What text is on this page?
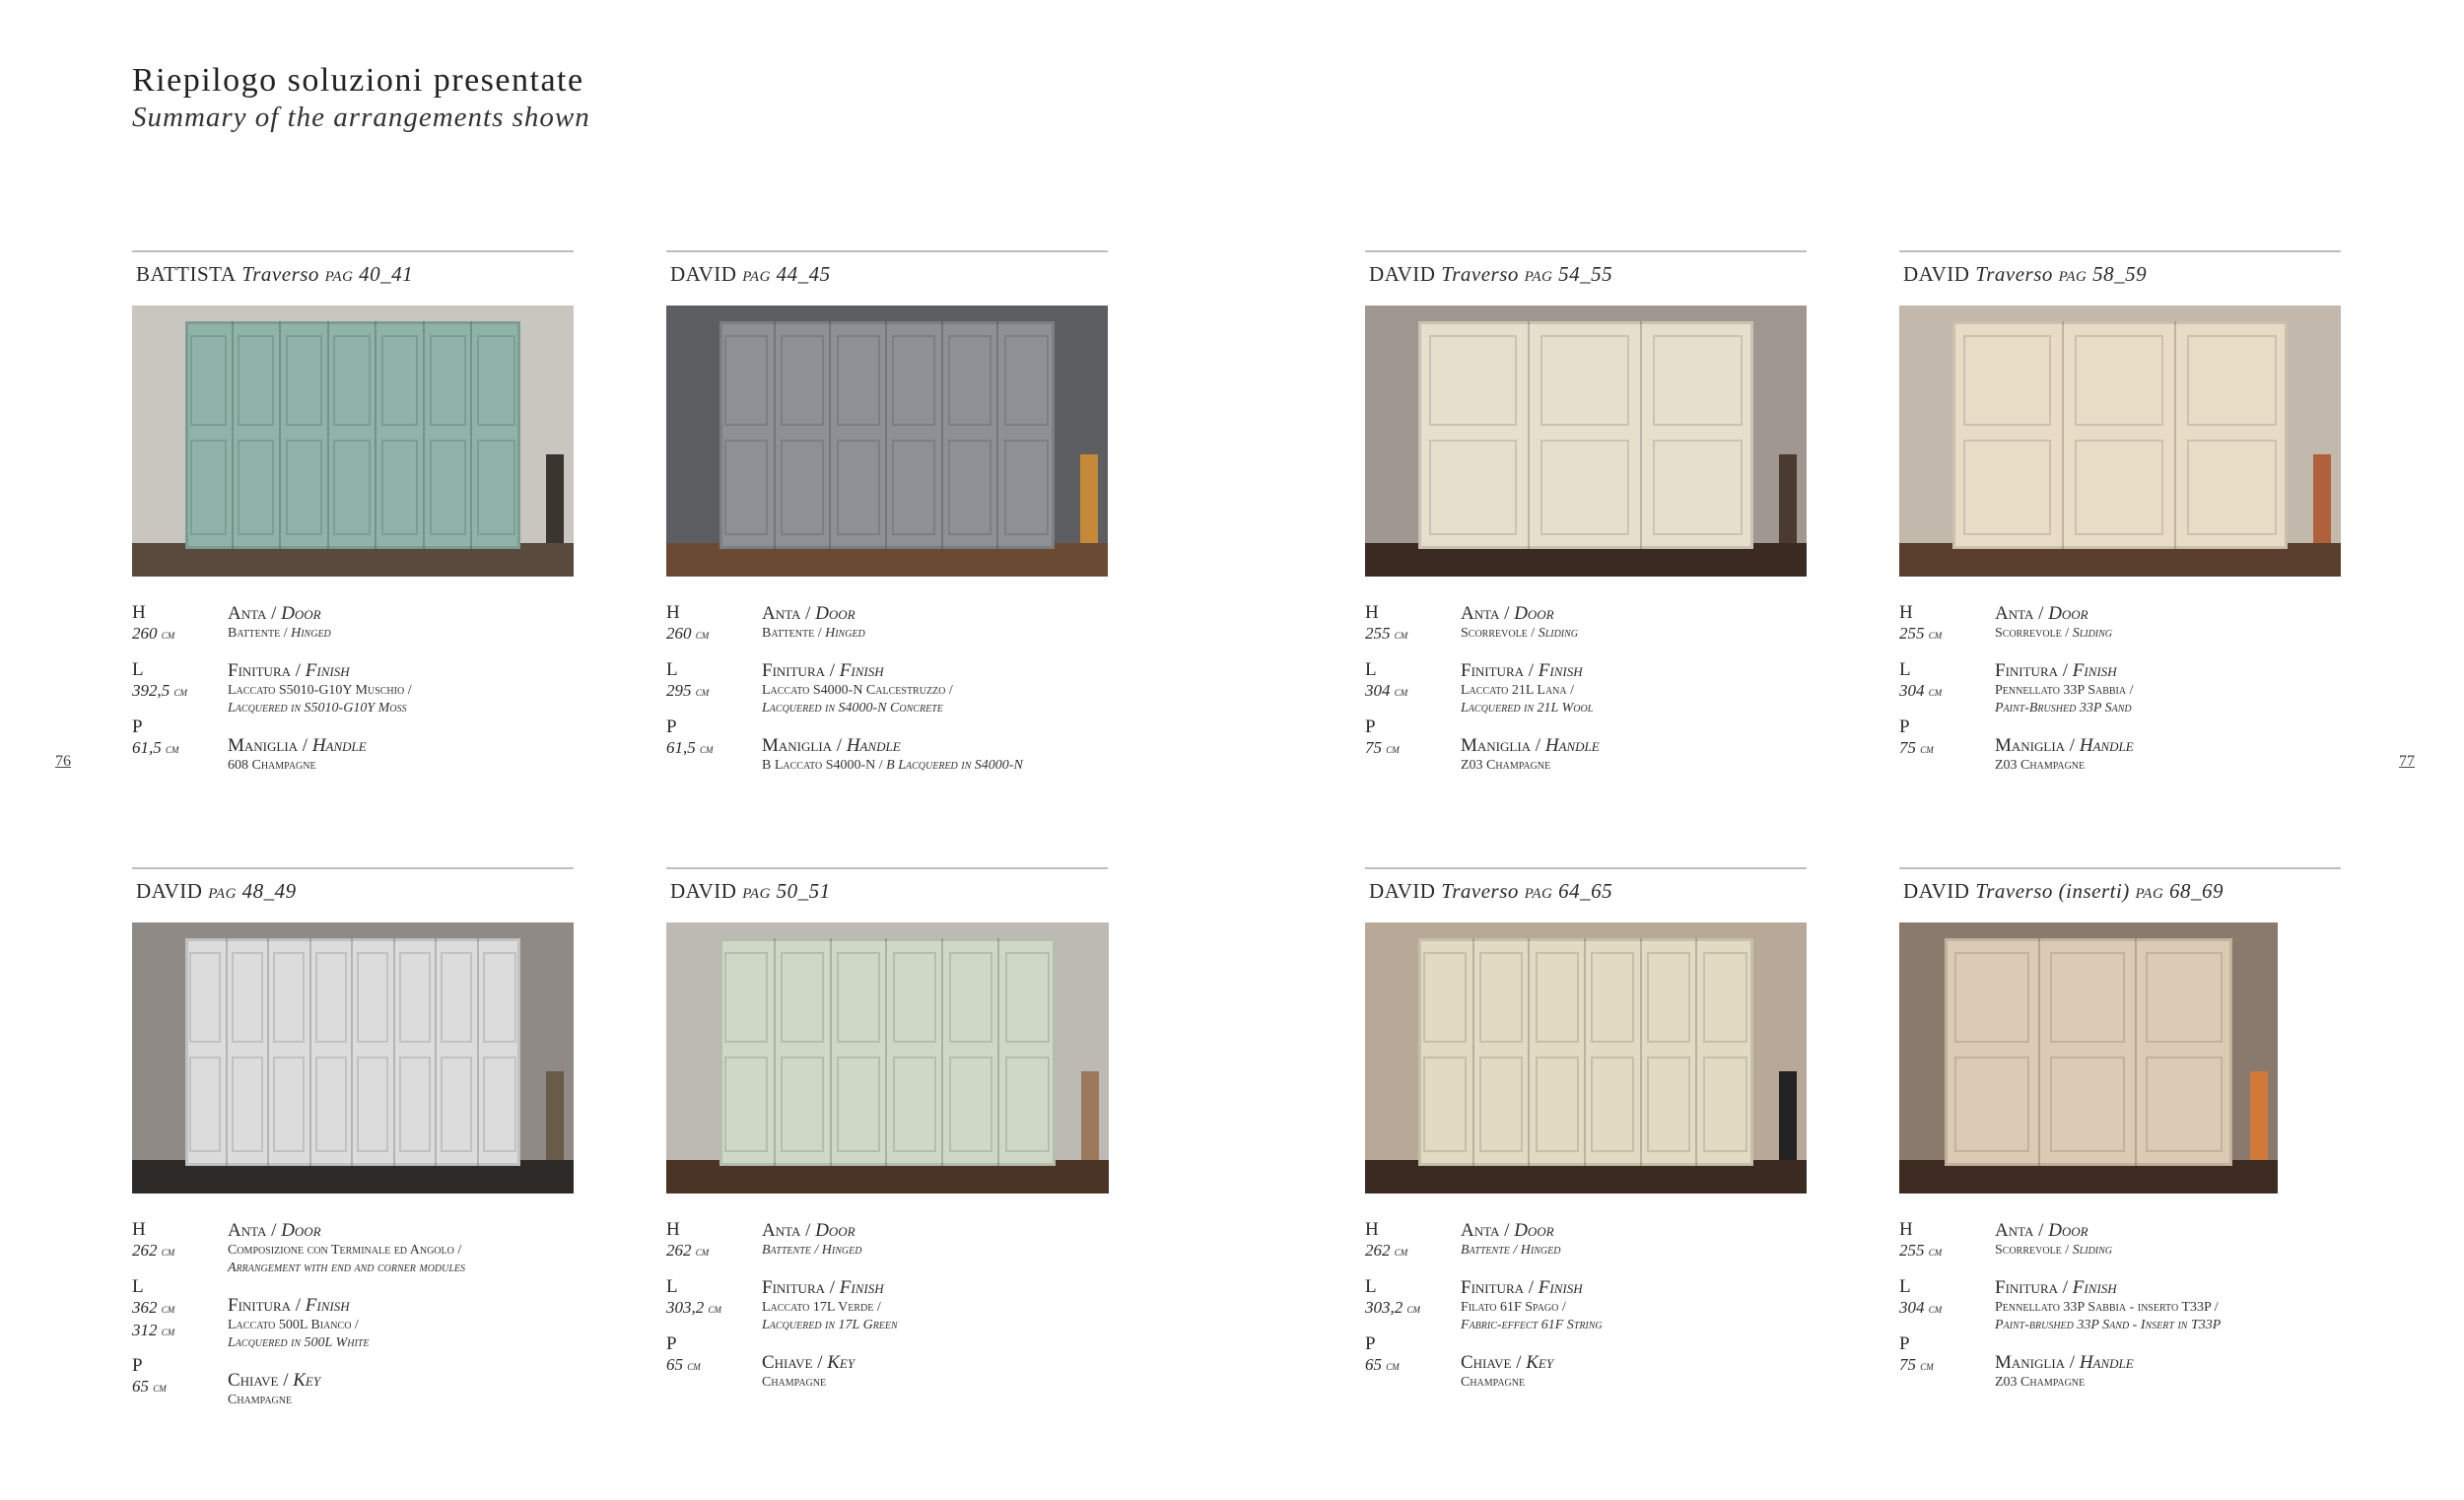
Riepilogo soluzioni presentate
Summary of the arrangements shown
76	77
BATTISTA Traverso pag 40_41
H
260 cm
L
392,5 cm
P
61,5 cm
Anta / Door
Battente / Hinged
Finitura / Finish
Laccato S5010-G10Y Muschio /
Lacquered in S5010-G10Y Moss
Maniglia / Handle
608 Champagne
DAVID pag 44_45
H
260 cm
L
295 cm
P
61,5 cm
Anta / Door
Battente / Hinged
Finitura / Finish
Laccato S4000-N Calcestruzzo /
Lacquered in S4000-N Concrete
Maniglia / Handle
B Laccato S4000-N / B Lacquered in S4000-N
DAVID Traverso pag 54_55
H
255 cm
L
304 cm
P
75 cm
Anta / Door
Scorrevole / Sliding
Finitura / Finish
Laccato 21L Lana /
Lacquered in 21L Wool
Maniglia / Handle
Z03 Champagne
DAVID Traverso pag 58_59
H
255 cm
L
304 cm
P
75 cm
Anta / Door
Scorrevole / Sliding
Finitura / Finish
Pennellato 33P Sabbia /
Paint-Brushed 33P Sand
Maniglia / Handle
Z03 Champagne
DAVID pag 48_49
H
262 cm
L
362 cm
312 cm
P
65 cm
Anta / Door
Composizione con Terminale ed Angolo /
Arrangement with end and corner modules
Finitura / Finish
Laccato 500L Bianco /
Lacquered in 500L White
Chiave / Key
Champagne
DAVID pag 50_51
H
262 cm
L
303,2 cm
P
65 cm
Anta / Door
Battente / Hinged
Finitura / Finish
Laccato 17L Verde /
Lacquered in 17L Green
Chiave / Key
Champagne
DAVID Traverso pag 64_65
H
262 cm
L
303,2 cm
P
65 cm
Anta / Door
Battente / Hinged
Finitura / Finish
Filato 61F Spago /
Fabric-effect 61F String
Chiave / Key
Champagne
DAVID Traverso (inserti) pag 68_69
H
255 cm
L
304 cm
P
75 cm
Anta / Door
Scorrevole / Sliding
Finitura / Finish
Pennellato 33P Sabbia - inserto T33P /
Paint-brushed 33P Sand - Insert in T33P
Maniglia / Handle
Z03 Champagne
